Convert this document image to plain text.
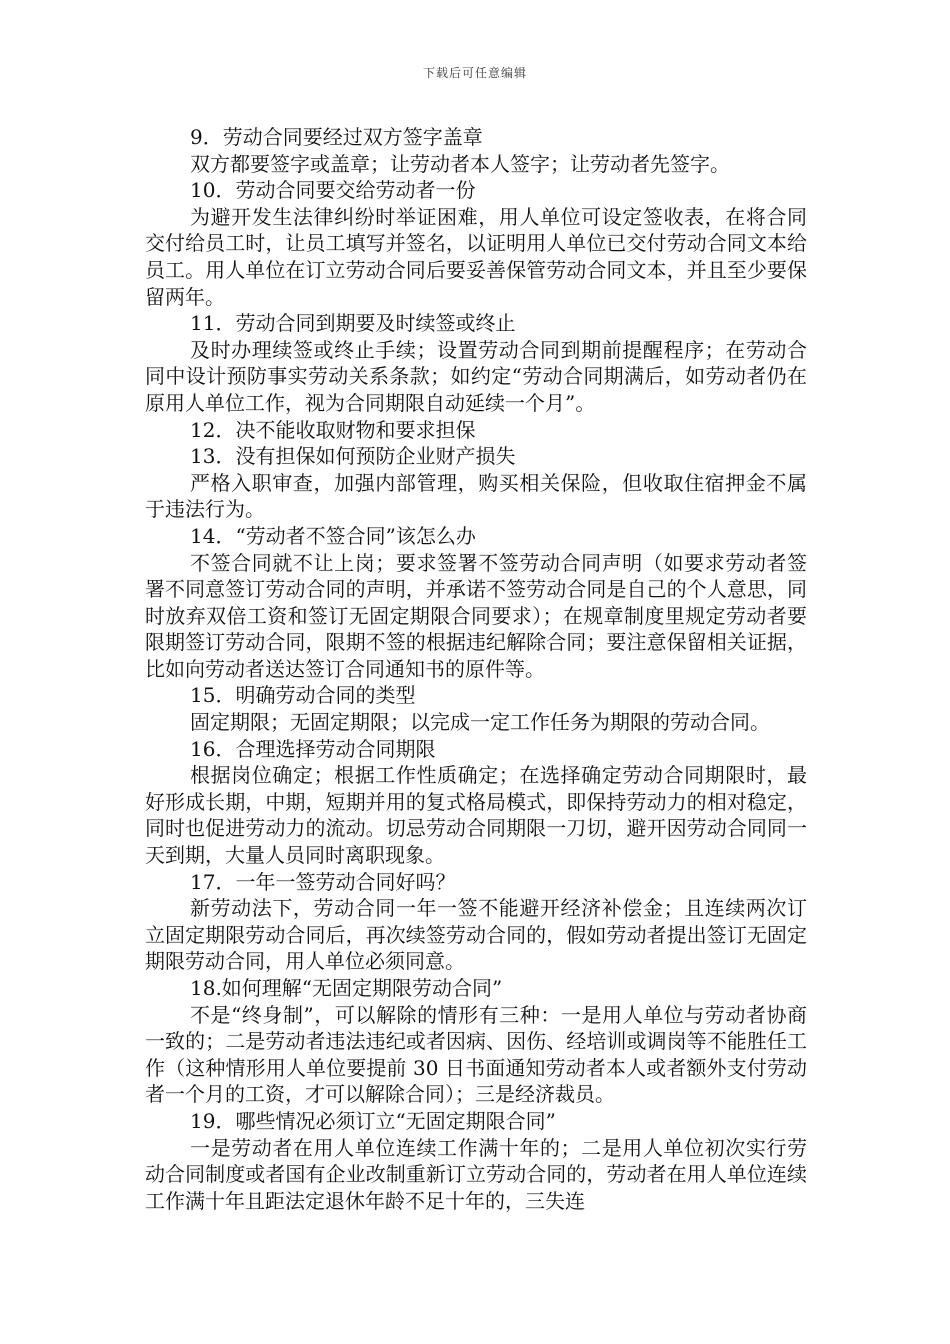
下载后可任意编辑

9．劳动合同要经过双方签字盖章

双方都要签字或盖章；让劳动者本人签字；让劳动者先签字。

10．劳动合同要交给劳动者一份

为避开发生法律纠纷时举证困难，用人单位可设定签收表，在将合同交付给员工时，让员工填写并签名，以证明用人单位已交付劳动合同文本给员工。用人单位在订立劳动合同后要妥善保管劳动合同文本，并且至少要保留两年。

11．劳动合同到期要及时续签或终止

及时办理续签或终止手续；设置劳动合同到期前提醒程序；在劳动合同中设计预防事实劳动关系条款；如约定“劳动合同期满后，如劳动者仍在原用人单位工作，视为合同期限自动延续一个月”。

12．决不能收取财物和要求担保

13．没有担保如何预防企业财产损失

严格入职审查，加强内部管理，购买相关保险，但收取住宿押金不属于违法行为。

14．“劳动者不签合同”该怎么办

不签合同就不让上岗；要求签署不签劳动合同声明（如要求劳动者签署不同意签订劳动合同的声明，并承诺不签劳动合同是自己的个人意思，同时放弃双倍工资和签订无固定期限合同要求）；在规章制度里规定劳动者要限期签订劳动合同，限期不签的根据违纪解除合同；要注意保留相关证据，比如向劳动者送达签订合同通知书的原件等。

15．明确劳动合同的类型

固定期限；无固定期限；以完成一定工作任务为期限的劳动合同。

16．合理选择劳动合同期限

根据岗位确定；根据工作性质确定；在选择确定劳动合同期限时，最好形成长期，中期，短期并用的复式格局模式，即保持劳动力的相对稳定，同时也促进劳动力的流动。切忌劳动合同期限一刀切，避开因劳动合同同一天到期，大量人员同时离职现象。

17．一年一签劳动合同好吗？

新劳动法下，劳动合同一年一签不能避开经济补偿金；且连续两次订立固定期限劳动合同后，再次续签劳动合同的，假如劳动者提出签订无固定期限劳动合同，用人单位必须同意。

18.如何理解“无固定期限劳动合同”

不是“终身制”，可以解除的情形有三种：一是用人单位与劳动者协商一致的；二是劳动者违法违纪或者因病、因伤、经培训或调岗等不能胜任工作（这种情形用人单位要提前 30 日书面通知劳动者本人或者额外支付劳动者一个月的工资，才可以解除合同）；三是经济裁员。

19．哪些情况必须订立“无固定期限合同”

一是劳动者在用人单位连续工作满十年的；二是用人单位初次实行劳动合同制度或者国有企业改制重新订立劳动合同的，劳动者在用人单位连续工作满十年且距法定退休年龄不足十年的，三失连
